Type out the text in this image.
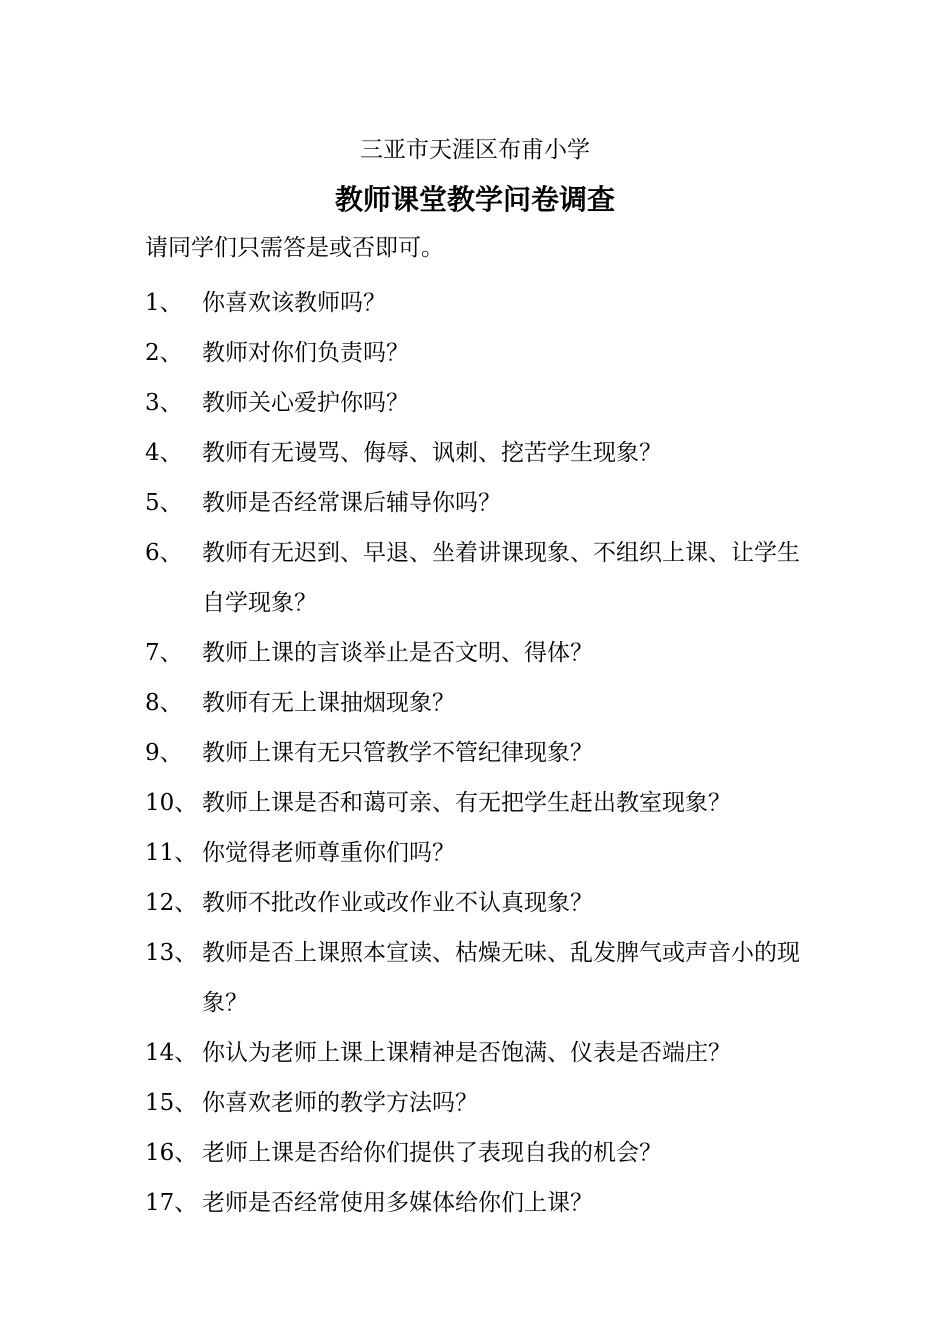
三亚市天涯区布甫小学
教师课堂教学问卷调查
请同学们只需答是或否即可。
1、 你喜欢该教师吗？
2、 教师对你们负责吗？
3、 教师关心爱护你吗？
4、 教师有无谩骂、侮辱、讽刺、挖苦学生现象？
5、 教师是否经常课后辅导你吗？
6、 教师有无迟到、早退、坐着讲课现象、不组织上课、让学生自学现象？
7、 教师上课的言谈举止是否文明、得体？
8、 教师有无上课抽烟现象？
9、 教师上课有无只管教学不管纪律现象？
10、 教师上课是否和蔼可亲、有无把学生赶出教室现象？
11、 你觉得老师尊重你们吗？
12、 教师不批改作业或改作业不认真现象？
13、 教师是否上课照本宣读、枯燥无味、乱发脾气或声音小的现象？
14、 你认为老师上课上课精神是否饱满、仪表是否端庄？
15、 你喜欢老师的教学方法吗？
16、 老师上课是否给你们提供了表现自我的机会？
17、 老师是否经常使用多媒体给你们上课？
